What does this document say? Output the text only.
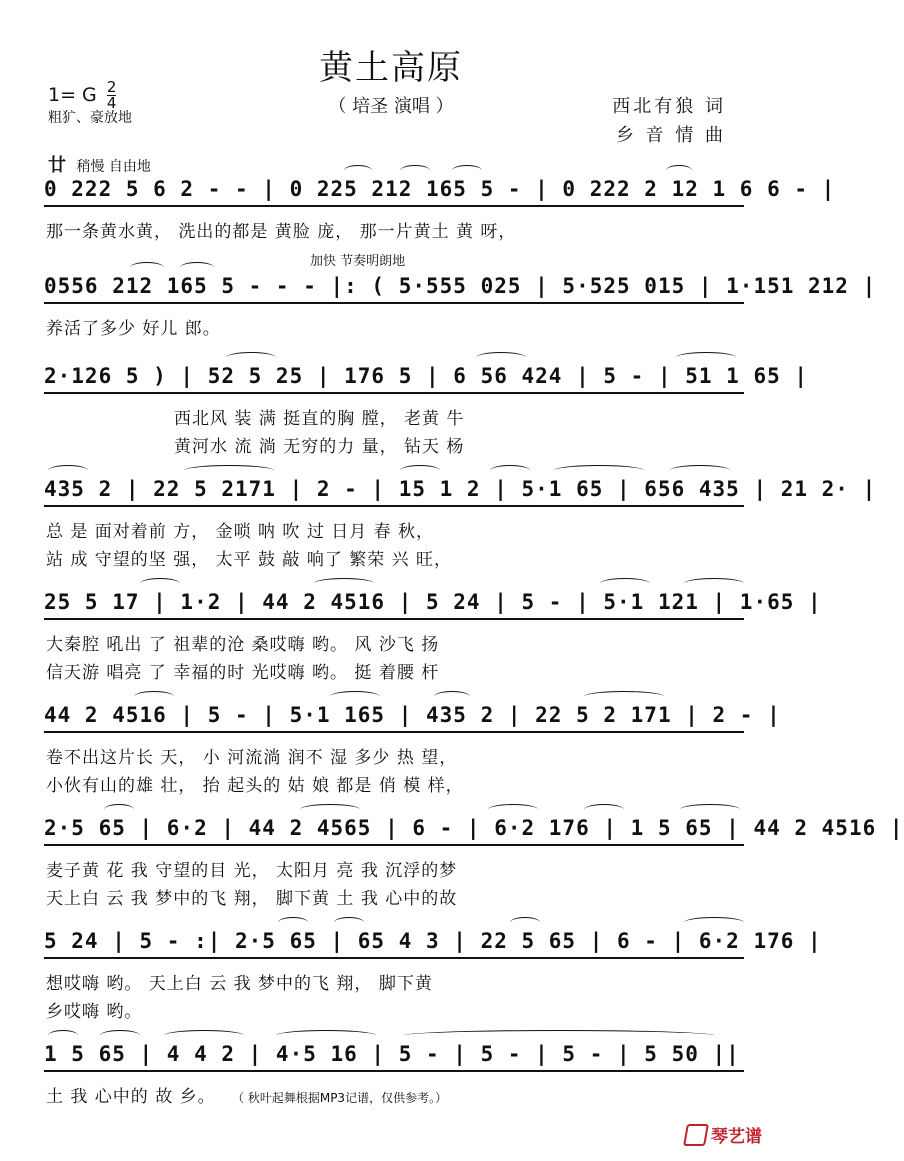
黄土高原
（ 培圣 演唱 ）
1= G $\frac{2}{4}$
粗犷、豪放地
西北有狼 词
乡 音 情 曲
廿 稍慢 自由地
加快 节奏明朗地
0 222 5 6 2 - - | 0 225 212 165 5 - | 0 222 2 12 1 6 6 - |
那一条黄水黄， 洗出的都是 黄脸 庞， 那一片黄土 黄 呀，
0556 212 165 5 - - - |: ( 5·555 025 | 5·525 015 | 1·151 212 |
养活了多少 好儿 郎。
2·126 5 ) | 52 5 25 | 176 5 | 6 56 424 | 5 - | 51 1 65 |
西北风 装 满 挺直的胸 膛， 老黄 牛
黄河水 流 淌 无穷的力 量， 钻天 杨
435 2 | 22 5 2171 | 2 - | 15 1 2 | 5·1 65 | 656 435 | 21 2· |
总 是 面对着前 方， 金唢 呐 吹 过 日月 春 秋，
站 成 守望的坚 强， 太平 鼓 敲 响了 繁荣 兴 旺，
25 5 17 | 1·2 | 44 2 4516 | 5 24 | 5 - | 5·1 121 | 1·65 |
大秦腔 吼出 了 祖辈的沧 桑哎嗨 哟。 风 沙飞 扬
信天游 唱亮 了 幸福的时 光哎嗨 哟。 挺 着腰 杆
44 2 4516 | 5 - | 5·1 165 | 435 2 | 22 5 2 171 | 2 - |
卷不出这片长 天， 小 河流淌 润不 湿 多少 热 望，
小伙有山的雄 壮， 抬 起头的 姑 娘 都是 俏 模 样，
2·5 65 | 6·2 | 44 2 4565 | 6 - | 6·2 176 | 1 5 65 | 44 2 4516 |
麦子黄 花 我 守望的目 光， 太阳月 亮 我 沉浮的梦
天上白 云 我 梦中的飞 翔， 脚下黄 土 我 心中的故
5 24 | 5 - :| 2·5 65 | 65 4 3 | 22 5 65 | 6 - | 6·2 176 |
想哎嗨 哟。 天上白 云 我 梦中的飞 翔， 脚下黄
乡哎嗨 哟。
1 5 65 | 4 4 2 | 4·5 16 | 5 - | 5 - | 5 - | 5 50 ||
土 我 心中的 故 乡。 （ 秋叶起舞根据MP3记谱，仅供参考。）
琴艺谱
